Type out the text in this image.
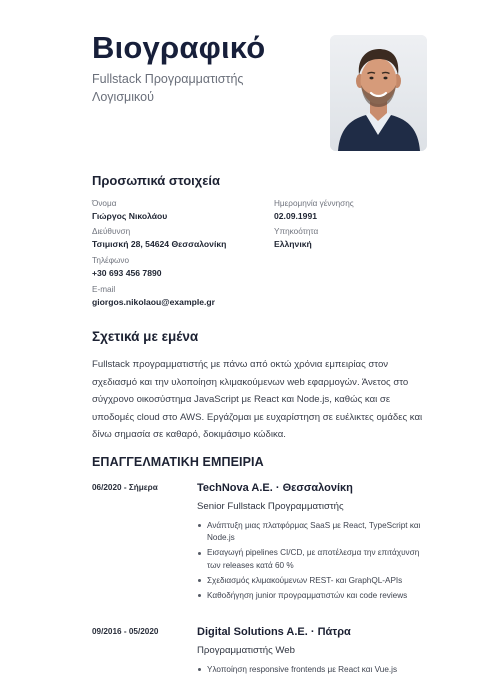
Βιογραφικό
Fullstack Προγραμματιστής Λογισμικού
Προσωπικά στοιχεία
Όνομα
Γιώργος Νικολάου
Ημερομηνία γέννησης
02.09.1991
Διεύθυνση
Τσιμισκή 28, 54624 Θεσσαλονίκη
Υπηκοότητα
Ελληνική
Τηλέφωνο
+30 693 456 7890
E-mail
giorgos.nikolaou@example.gr
Σχετικά με εμένα
Fullstack προγραμματιστής με πάνω από οκτώ χρόνια εμπειρίας στον σχεδιασμό και την υλοποίηση κλιμακούμενων web εφαρμογών. Άνετος στο σύγχρονο οικοσύστημα JavaScript με React και Node.js, καθώς και σε υποδομές cloud στο AWS. Εργάζομαι με ευχαρίστηση σε ευέλικτες ομάδες και δίνω σημασία σε καθαρό, δοκιμάσιμο κώδικα.
ΕΠΑΓΓΕΛΜΑΤΙΚΗ ΕΜΠΕΙΡΙΑ
06/2020 - Σήμερα	TechNova A.E. · Θεσσαλονίκη
Senior Fullstack Προγραμματιστής
Ανάπτυξη μιας πλατφόρμας SaaS με React, TypeScript και Node.js
Εισαγωγή pipelines CI/CD, με αποτέλεσμα την επιτάχυνση των releases κατά 60 %
Σχεδιασμός κλιμακούμενων REST- και GraphQL-APIs
Καθοδήγηση junior προγραμματιστών και code reviews
09/2016 - 05/2020	Digital Solutions A.E. · Πάτρα
Προγραμματιστής Web
Υλοποίηση responsive frontends με React και Vue.js
